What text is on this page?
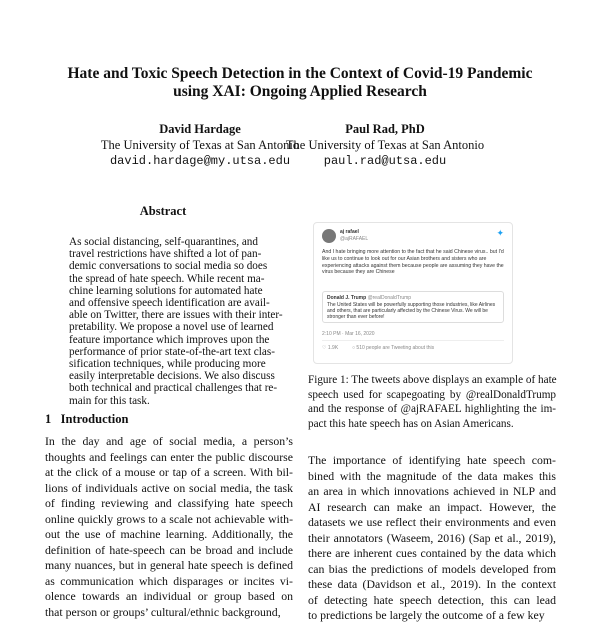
Hate and Toxic Speech Detection in the Context of Covid-19 Pandemic
using XAI: Ongoing Applied Research
David Hardage
The University of Texas at San Antonio
david.hardage@my.utsa.edu
Paul Rad, PhD
The University of Texas at San Antonio
paul.rad@utsa.edu
Abstract
As social distancing, self-quarantines, and
travel restrictions have shifted a lot of pan-
demic conversations to social media so does
the spread of hate speech. While recent ma-
chine learning solutions for automated hate
and offensive speech identification are avail-
able on Twitter, there are issues with their inter-
pretability. We propose a novel use of learned
feature importance which improves upon the
performance of prior state-of-the-art text clas-
sification techniques, while producing more
easily interpretable decisions. We also discuss
both technical and practical challenges that re-
main for this task.
1   Introduction
In the day and age of social media, a person’s
thoughts and feelings can enter the public discourse
at the click of a mouse or tap of a screen. With bil-
lions of individuals active on social media, the task
of finding reviewing and classifying hate speech
online quickly grows to a scale not achievable with-
out the use of machine learning. Additionally, the
definition of hate-speech can be broad and include
many nuances, but in general hate speech is defined
as communication which disparages or incites vi-
olence towards an individual or group based on
that person or groups’ cultural/ethnic background,
aj rafael
@ajRAFAEL
✦
And I hate bringing more attention to the fact that he said Chinese virus.. but I'd like us to continue to look out for our Asian brothers and sisters who are experiencing attacks against them because people are assuming they have the virus because they are Chinese
Donald J. Trump @realDonaldTrump
The United States will be powerfully supporting those industries, like Airlines and others, that are particularly affected by the Chinese Virus. We will be stronger than ever before!
2:10 PM · Mar 16, 2020
♡ 1.9K	○ 510 people are Tweeting about this
Figure 1: The tweets above displays an example of hate
speech used for scapegoating by @realDonaldTrump
and the response of @ajRAFAEL highlighting the im-
pact this hate speech has on Asian Americans.
The importance of identifying hate speech com-
bined with the magnitude of the data makes this
an area in which innovations achieved in NLP and
AI research can make an impact. However, the
datasets we use reflect their environments and even
their annotators (Waseem, 2016) (Sap et al., 2019),
there are inherent cues contained by the data which
can bias the predictions of models developed from
these data (Davidson et al., 2019). In the context
of detecting hate speech detection, this can lead
to predictions be largely the outcome of a few key
